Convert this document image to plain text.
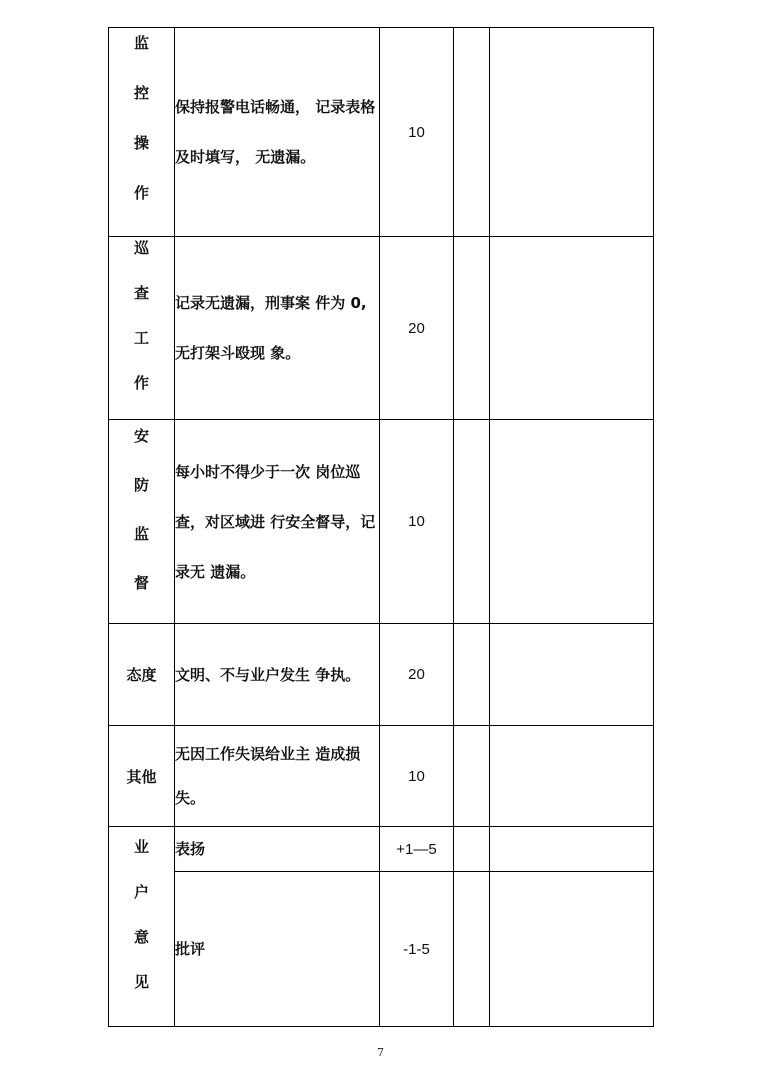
监控操作	保持报警电话畅通， 记录表格及时填写， 无遗漏。	10		

巡查工作	记录无遗漏，刑事案 件为 0,无打架斗殴现 象。	20		

安防监督	每小时不得少于一次 岗位巡查，对区域进 行安全督导，记录无 遗漏。	10		
态度	文明、不与业户发生 争执。	20		
其他	无因工作失误给业主 造成损失。	10		

业户意见	表扬	+1—5		
	批评	-1-5		
7
